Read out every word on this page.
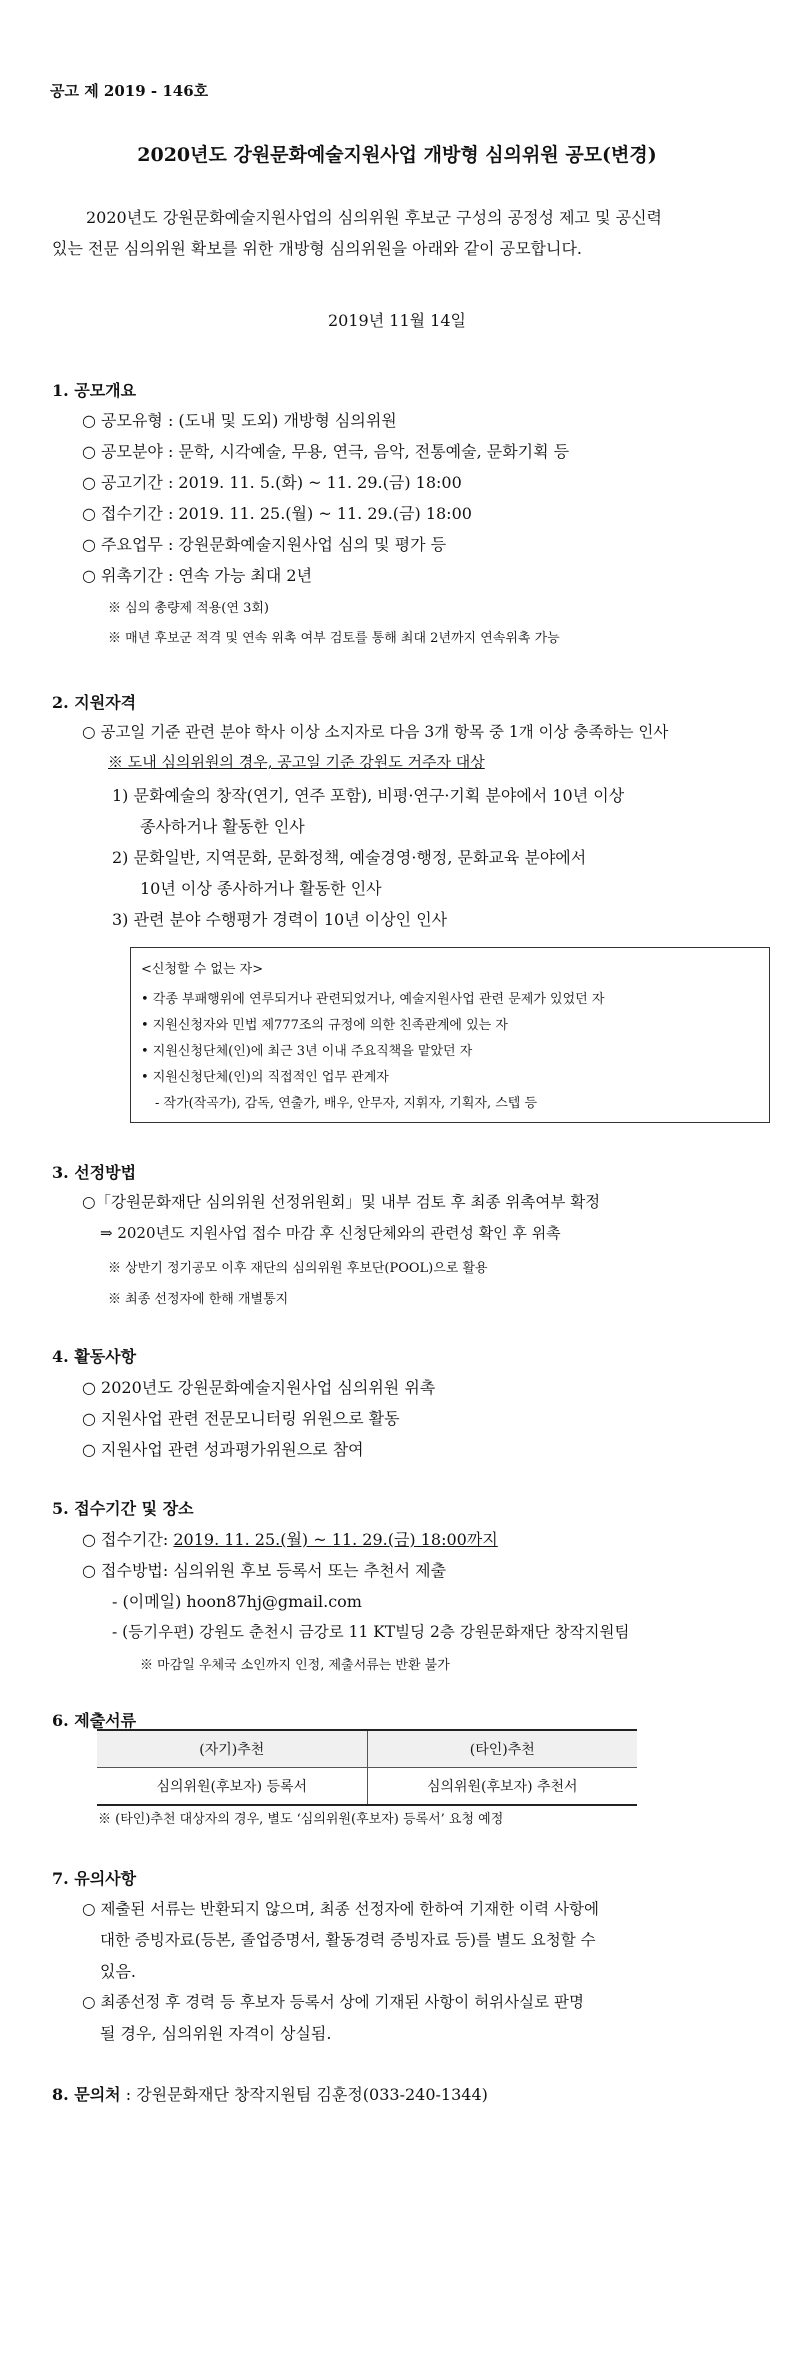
공고 제 2019 - 146호
2020년도 강원문화예술지원사업 개방형 심의위원 공모(변경)
2020년도 강원문화예술지원사업의 심의위원 후보군 구성의 공정성 제고 및 공신력
있는 전문 심의위원 확보를 위한 개방형 심의위원을 아래와 같이 공모합니다.
2019년 11월 14일
1. 공모개요
○ 공모유형 : (도내 및 도외) 개방형 심의위원
○ 공모분야 : 문학, 시각예술, 무용, 연극, 음악, 전통예술, 문화기획 등
○ 공고기간 : 2019. 11. 5.(화) ~ 11. 29.(금) 18:00
○ 접수기간 : 2019. 11. 25.(월) ~ 11. 29.(금) 18:00
○ 주요업무 : 강원문화예술지원사업 심의 및 평가 등
○ 위촉기간 : 연속 가능 최대 2년
※ 심의 총량제 적용(연 3회)
※ 매년 후보군 적격 및 연속 위촉 여부 검토를 통해 최대 2년까지 연속위촉 가능
2. 지원자격
○ 공고일 기준 관련 분야 학사 이상 소지자로 다음 3개 항목 중 1개 이상 충족하는 인사
※ 도내 심의위원의 경우, 공고일 기준 강원도 거주자 대상
1) 문화예술의 창작(연기, 연주 포함), 비평·연구·기획 분야에서 10년 이상
종사하거나 활동한 인사
2) 문화일반, 지역문화, 문화정책, 예술경영·행정, 문화교육 분야에서
10년 이상 종사하거나 활동한 인사
3) 관련 분야 수행평가 경력이 10년 이상인 인사
<신청할 수 없는 자>
• 각종 부패행위에 연루되거나 관련되었거나, 예술지원사업 관련 문제가 있었던 자
• 지원신청자와 민법 제777조의 규정에 의한 친족관계에 있는 자
• 지원신청단체(인)에 최근 3년 이내 주요직책을 맡았던 자
• 지원신청단체(인)의 직접적인 업무 관계자
- 작가(작곡가), 감독, 연출가, 배우, 안무자, 지휘자, 기획자, 스텝 등
3. 선정방법
○「강원문화재단 심의위원 선정위원회」및 내부 검토 후 최종 위촉여부 확정
⇒ 2020년도 지원사업 접수 마감 후 신청단체와의 관련성 확인 후 위촉
※ 상반기 정기공모 이후 재단의 심의위원 후보단(POOL)으로 활용
※ 최종 선정자에 한해 개별통지
4. 활동사항
○ 2020년도 강원문화예술지원사업 심의위원 위촉
○ 지원사업 관련 전문모니터링 위원으로 활동
○ 지원사업 관련 성과평가위원으로 참여
5. 접수기간 및 장소
○ 접수기간: 2019. 11. 25.(월) ~ 11. 29.(금) 18:00까지
○ 접수방법: 심의위원 후보 등록서 또는 추천서 제출
- (이메일) hoon87hj@gmail.com
- (등기우편) 강원도 춘천시 금강로 11 KT빌딩 2층 강원문화재단 창작지원팀
※ 마감일 우체국 소인까지 인정, 제출서류는 반환 불가
6. 제출서류
(자기)추천	(타인)추천
심의위원(후보자) 등록서	심의위원(후보자) 추천서
※ (타인)추천 대상자의 경우, 별도 ‘심의위원(후보자) 등록서’ 요청 예정
7. 유의사항
○ 제출된 서류는 반환되지 않으며, 최종 선정자에 한하여 기재한 이력 사항에
대한 증빙자료(등본, 졸업증명서, 활동경력 증빙자료 등)를 별도 요청할 수
있음.
○ 최종선정 후 경력 등 후보자 등록서 상에 기재된 사항이 허위사실로 판명
될 경우, 심의위원 자격이 상실됨.
8. 문의처 : 강원문화재단 창작지원팀 김훈정(033-240-1344)
